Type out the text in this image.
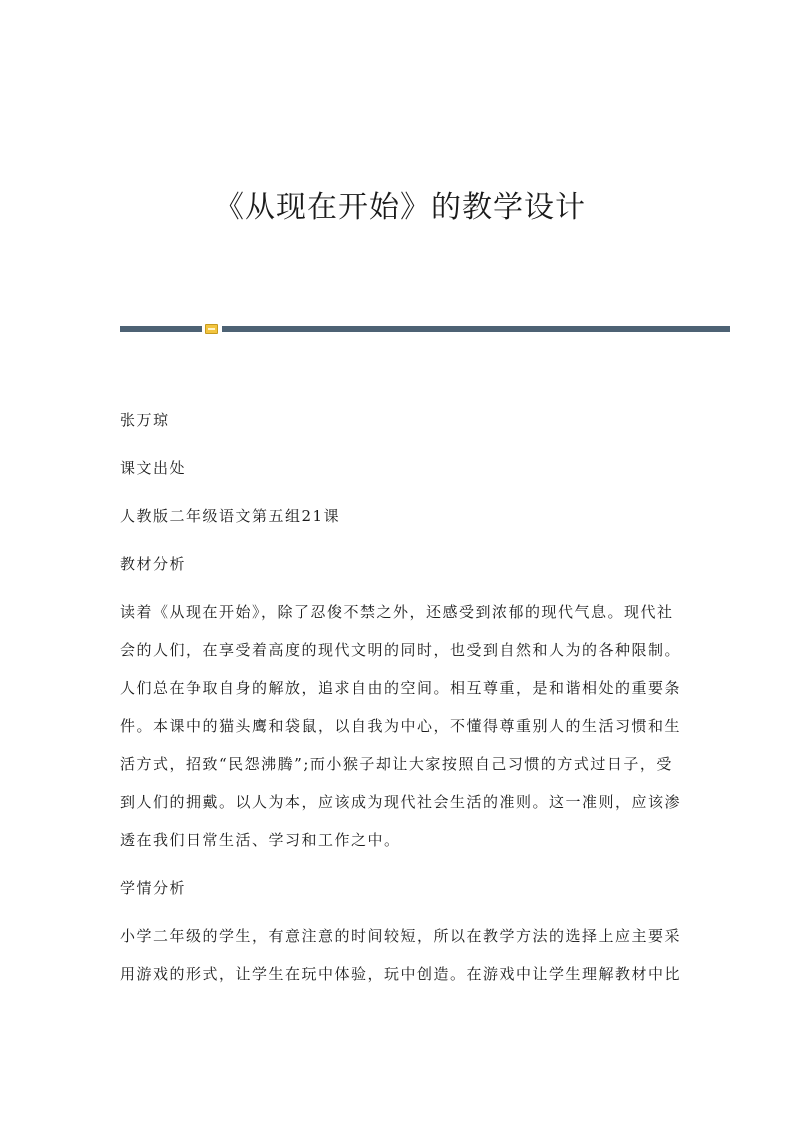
《从现在开始》的教学设计
张万琼
课文出处
人教版二年级语文第五组21课
教材分析
读着《从现在开始》，除了忍俊不禁之外，还感受到浓郁的现代气息。现代社
会的人们，在享受着高度的现代文明的同时，也受到自然和人为的各种限制。
人们总在争取自身的解放，追求自由的空间。相互尊重，是和谐相处的重要条
件。本课中的猫头鹰和袋鼠，以自我为中心，不懂得尊重别人的生活习惯和生
活方式，招致“民怨沸腾”;而小猴子却让大家按照自己习惯的方式过日子，受
到人们的拥戴。以人为本，应该成为现代社会生活的准则。这一准则，应该渗
透在我们日常生活、学习和工作之中。
学情分析
小学二年级的学生，有意注意的时间较短，所以在教学方法的选择上应主要采
用游戏的形式，让学生在玩中体验，玩中创造。在游戏中让学生理解教材中比
